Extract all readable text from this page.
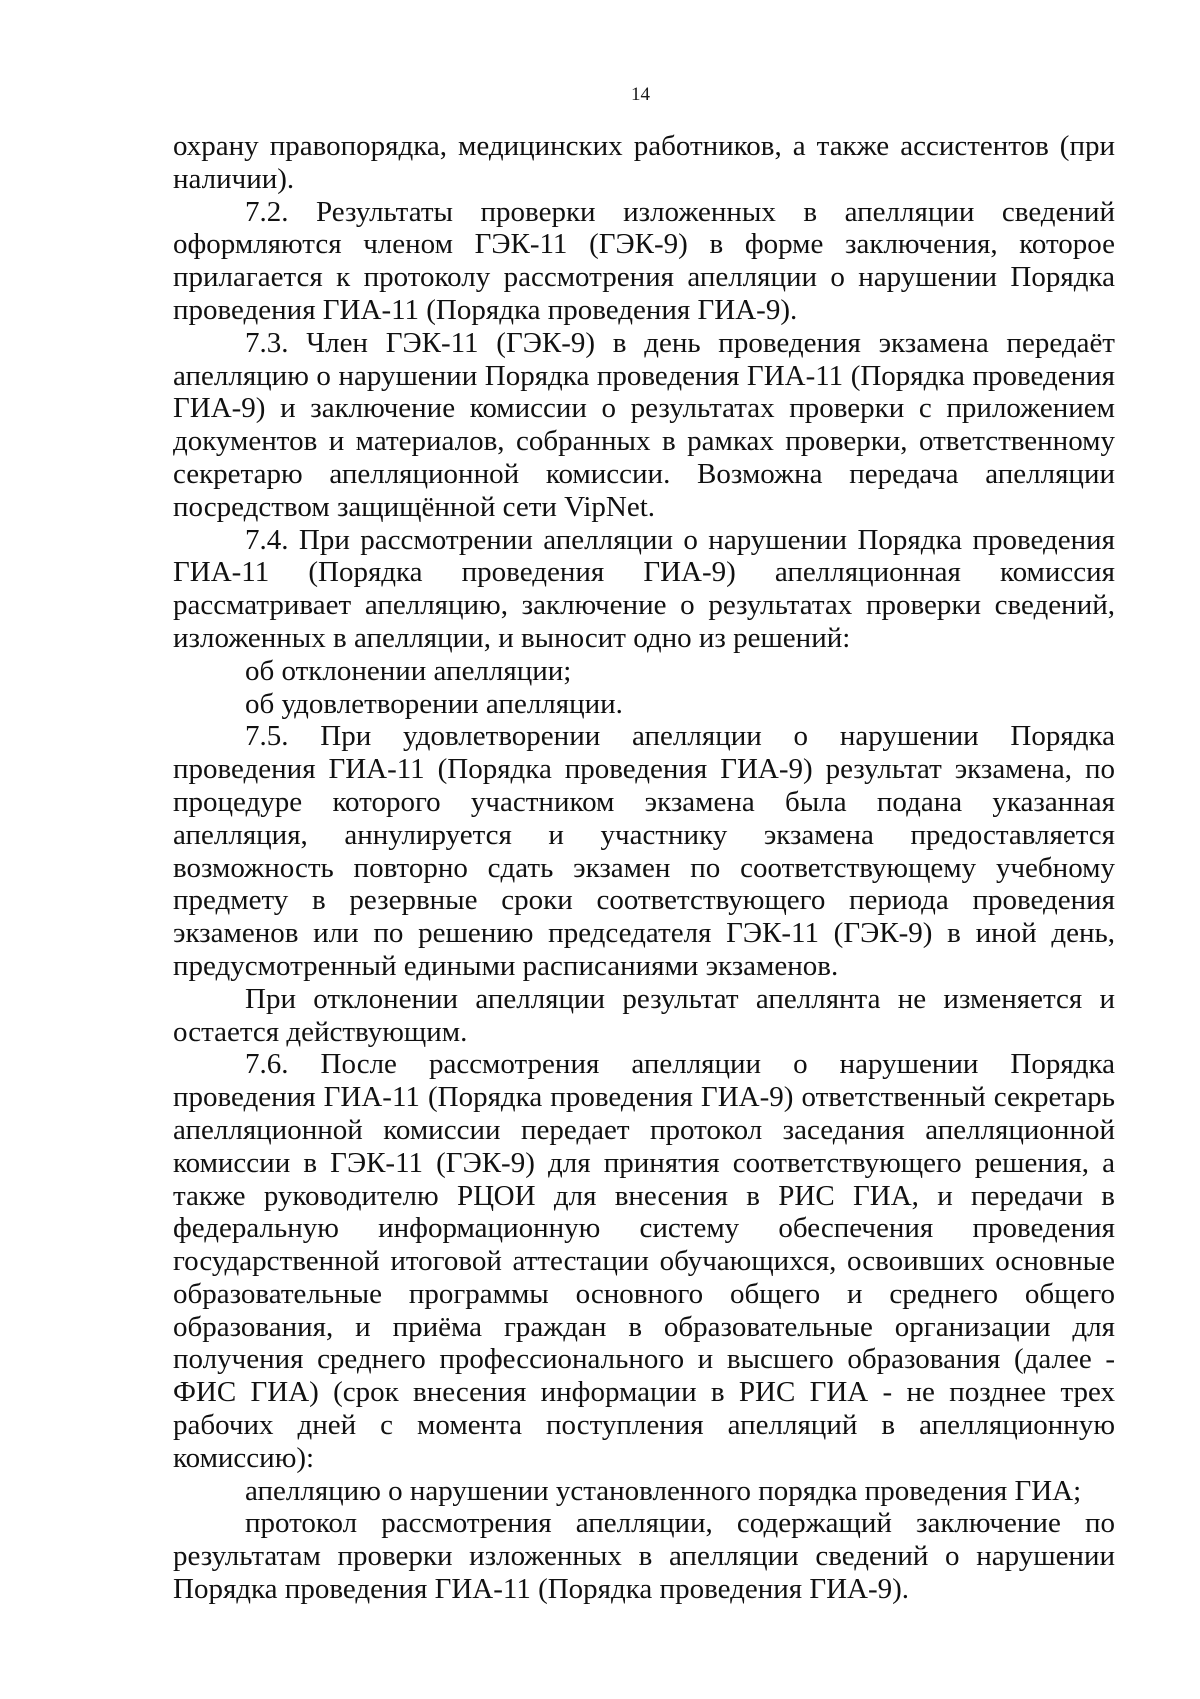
14

охрану правопорядка, медицинских работников, а также ассистентов (при наличии).

7.2. Результаты проверки изложенных в апелляции сведений оформляются членом ГЭК-11 (ГЭК-9) в форме заключения, которое прилагается к протоколу рассмотрения апелляции о нарушении Порядка проведения ГИА-11 (Порядка проведения ГИА-9).

7.3. Член ГЭК-11 (ГЭК-9) в день проведения экзамена передаёт апелляцию о нарушении Порядка проведения ГИА-11 (Порядка проведения ГИА-9) и заключение комиссии о результатах проверки с приложением документов и материалов, собранных в рамках проверки, ответственному секретарю апелляционной комиссии. Возможна передача апелляции посредством защищённой сети VipNet.

7.4. При рассмотрении апелляции о нарушении Порядка проведения ГИА-11 (Порядка проведения ГИА-9) апелляционная комиссия рассматривает апелляцию, заключение о результатах проверки сведений, изложенных в апелляции, и выносит одно из решений:

об отклонении апелляции;

об удовлетворении апелляции.

7.5. При удовлетворении апелляции о нарушении Порядка проведения ГИА-11 (Порядка проведения ГИА-9) результат экзамена, по процедуре которого участником экзамена была подана указанная апелляция, аннулируется и участнику экзамена предоставляется возможность повторно сдать экзамен по соответствующему учебному предмету в резервные сроки соответствующего периода проведения экзаменов или по решению председателя ГЭК-11 (ГЭК-9) в иной день, предусмотренный едиными расписаниями экзаменов.

При отклонении апелляции результат апеллянта не изменяется и остается действующим.

7.6. После рассмотрения апелляции о нарушении Порядка проведения ГИА-11 (Порядка проведения ГИА-9) ответственный секретарь апелляционной комиссии передает протокол заседания апелляционной комиссии в ГЭК-11 (ГЭК-9) для принятия соответствующего решения, а также руководителю РЦОИ для внесения в РИС ГИА, и передачи в федеральную информационную систему обеспечения проведения государственной итоговой аттестации обучающихся, освоивших основные образовательные программы основного общего и среднего общего образования, и приёма граждан в образовательные организации для получения среднего профессионального и высшего образования (далее - ФИС ГИА) (срок внесения информации в РИС ГИА - не позднее трех рабочих дней с момента поступления апелляций в апелляционную комиссию):

апелляцию о нарушении установленного порядка проведения ГИА;

протокол рассмотрения апелляции, содержащий заключение по результатам проверки изложенных в апелляции сведений о нарушении Порядка проведения ГИА-11 (Порядка проведения ГИА-9).
